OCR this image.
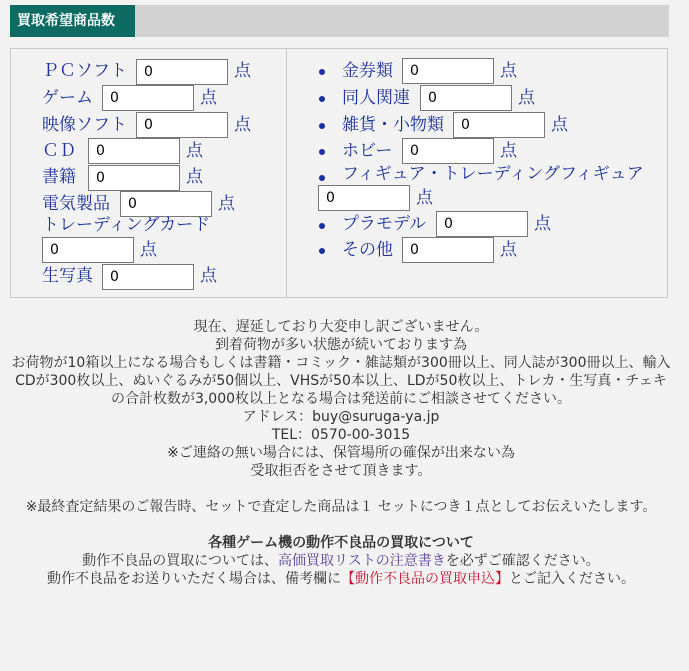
買取希望商品数
ＰＣソフト
0	点
ゲーム
0	点
映像ソフト
0	点
ＣＤ
0	点
書籍
0	点
電気製品
0	点
トレーディングカード
0
点
生写真
0	点
金券類
0	点
同人関連
0	点
雑貨・小物類
0	点
ホビー
0	点
フィギュア・トレーディングフィギュア
0
点
プラモデル
0	点
その他
0	点

現在、遅延しており大変申し訳ございません。

到着荷物が多い状態が続いております為

お荷物が10箱以上になる場合もしくは書籍・コミック・雑誌類が300冊以上、同人誌が300冊以上、輸入CDが300枚以上、ぬいぐるみが50個以上、VHSが50本以上、LDが50枚以上、トレカ・生写真・チェキの合計枚数が3,000枚以上となる場合は発送前にご相談させてください。

アドレス：buy@suruga-ya.jp

TEL：0570-00-3015

※ご連絡の無い場合には、保管場所の確保が出来ない為

受取拒否をさせて頂きます。

※最終査定結果のご報告時、セットで査定した商品は１ セットにつき１点としてお伝えいたします。

各種ゲーム機の動作不良品の買取について

動作不良品の買取については、高価買取リストの注意書きを必ずご確認ください。

動作不良品をお送りいただく場合は、備考欄に【動作不良品の買取申込】とご記入ください。
